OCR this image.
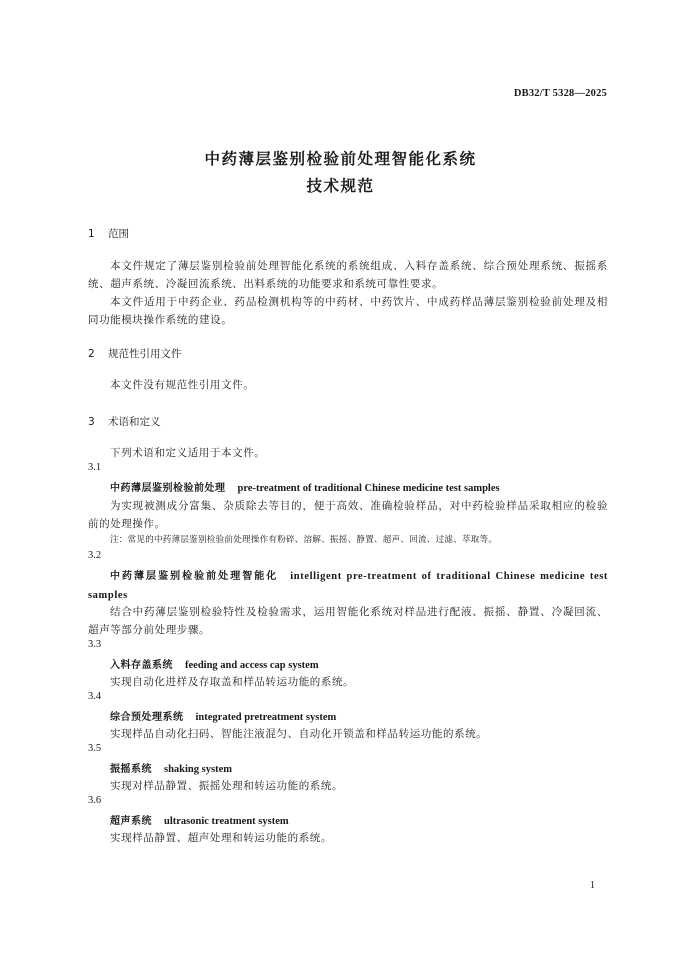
DB32/T 5328—2025
中药薄层鉴别检验前处理智能化系统
技术规范
1 范围
本文件规定了薄层鉴别检验前处理智能化系统的系统组成、入料存盖系统、综合预处理系统、振摇系统、超声系统、冷凝回流系统、出料系统的功能要求和系统可靠性要求。
本文件适用于中药企业、药品检测机构等的中药材、中药饮片、中成药样品薄层鉴别检验前处理及相同功能模块操作系统的建设。
2 规范性引用文件
本文件没有规范性引用文件。
3 术语和定义
下列术语和定义适用于本文件。
3.1
中药薄层鉴别检验前处理 pre-treatment of traditional Chinese medicine test samples
为实现被测成分富集、杂质除去等目的，便于高效、准确检验样品，对中药检验样品采取相应的检验前的处理操作。
注：常见的中药薄层鉴别检验前处理操作有粉碎、溶解、振摇、静置、超声、回流、过滤、萃取等。
3.2
中药薄层鉴别检验前处理智能化 intelligent pre-treatment of traditional Chinese medicine test samples
结合中药薄层鉴别检验特性及检验需求，运用智能化系统对样品进行配液、振摇、静置、冷凝回流、超声等部分前处理步骤。
3.3
入料存盖系统 feeding and access cap system
实现自动化进样及存取盖和样品转运功能的系统。
3.4
综合预处理系统 integrated pretreatment system
实现样品自动化扫码、智能注液混匀、自动化开锁盖和样品转运功能的系统。
3.5
振摇系统 shaking system
实现对样品静置、振摇处理和转运功能的系统。
3.6
超声系统 ultrasonic treatment system
实现样品静置、超声处理和转运功能的系统。
1
